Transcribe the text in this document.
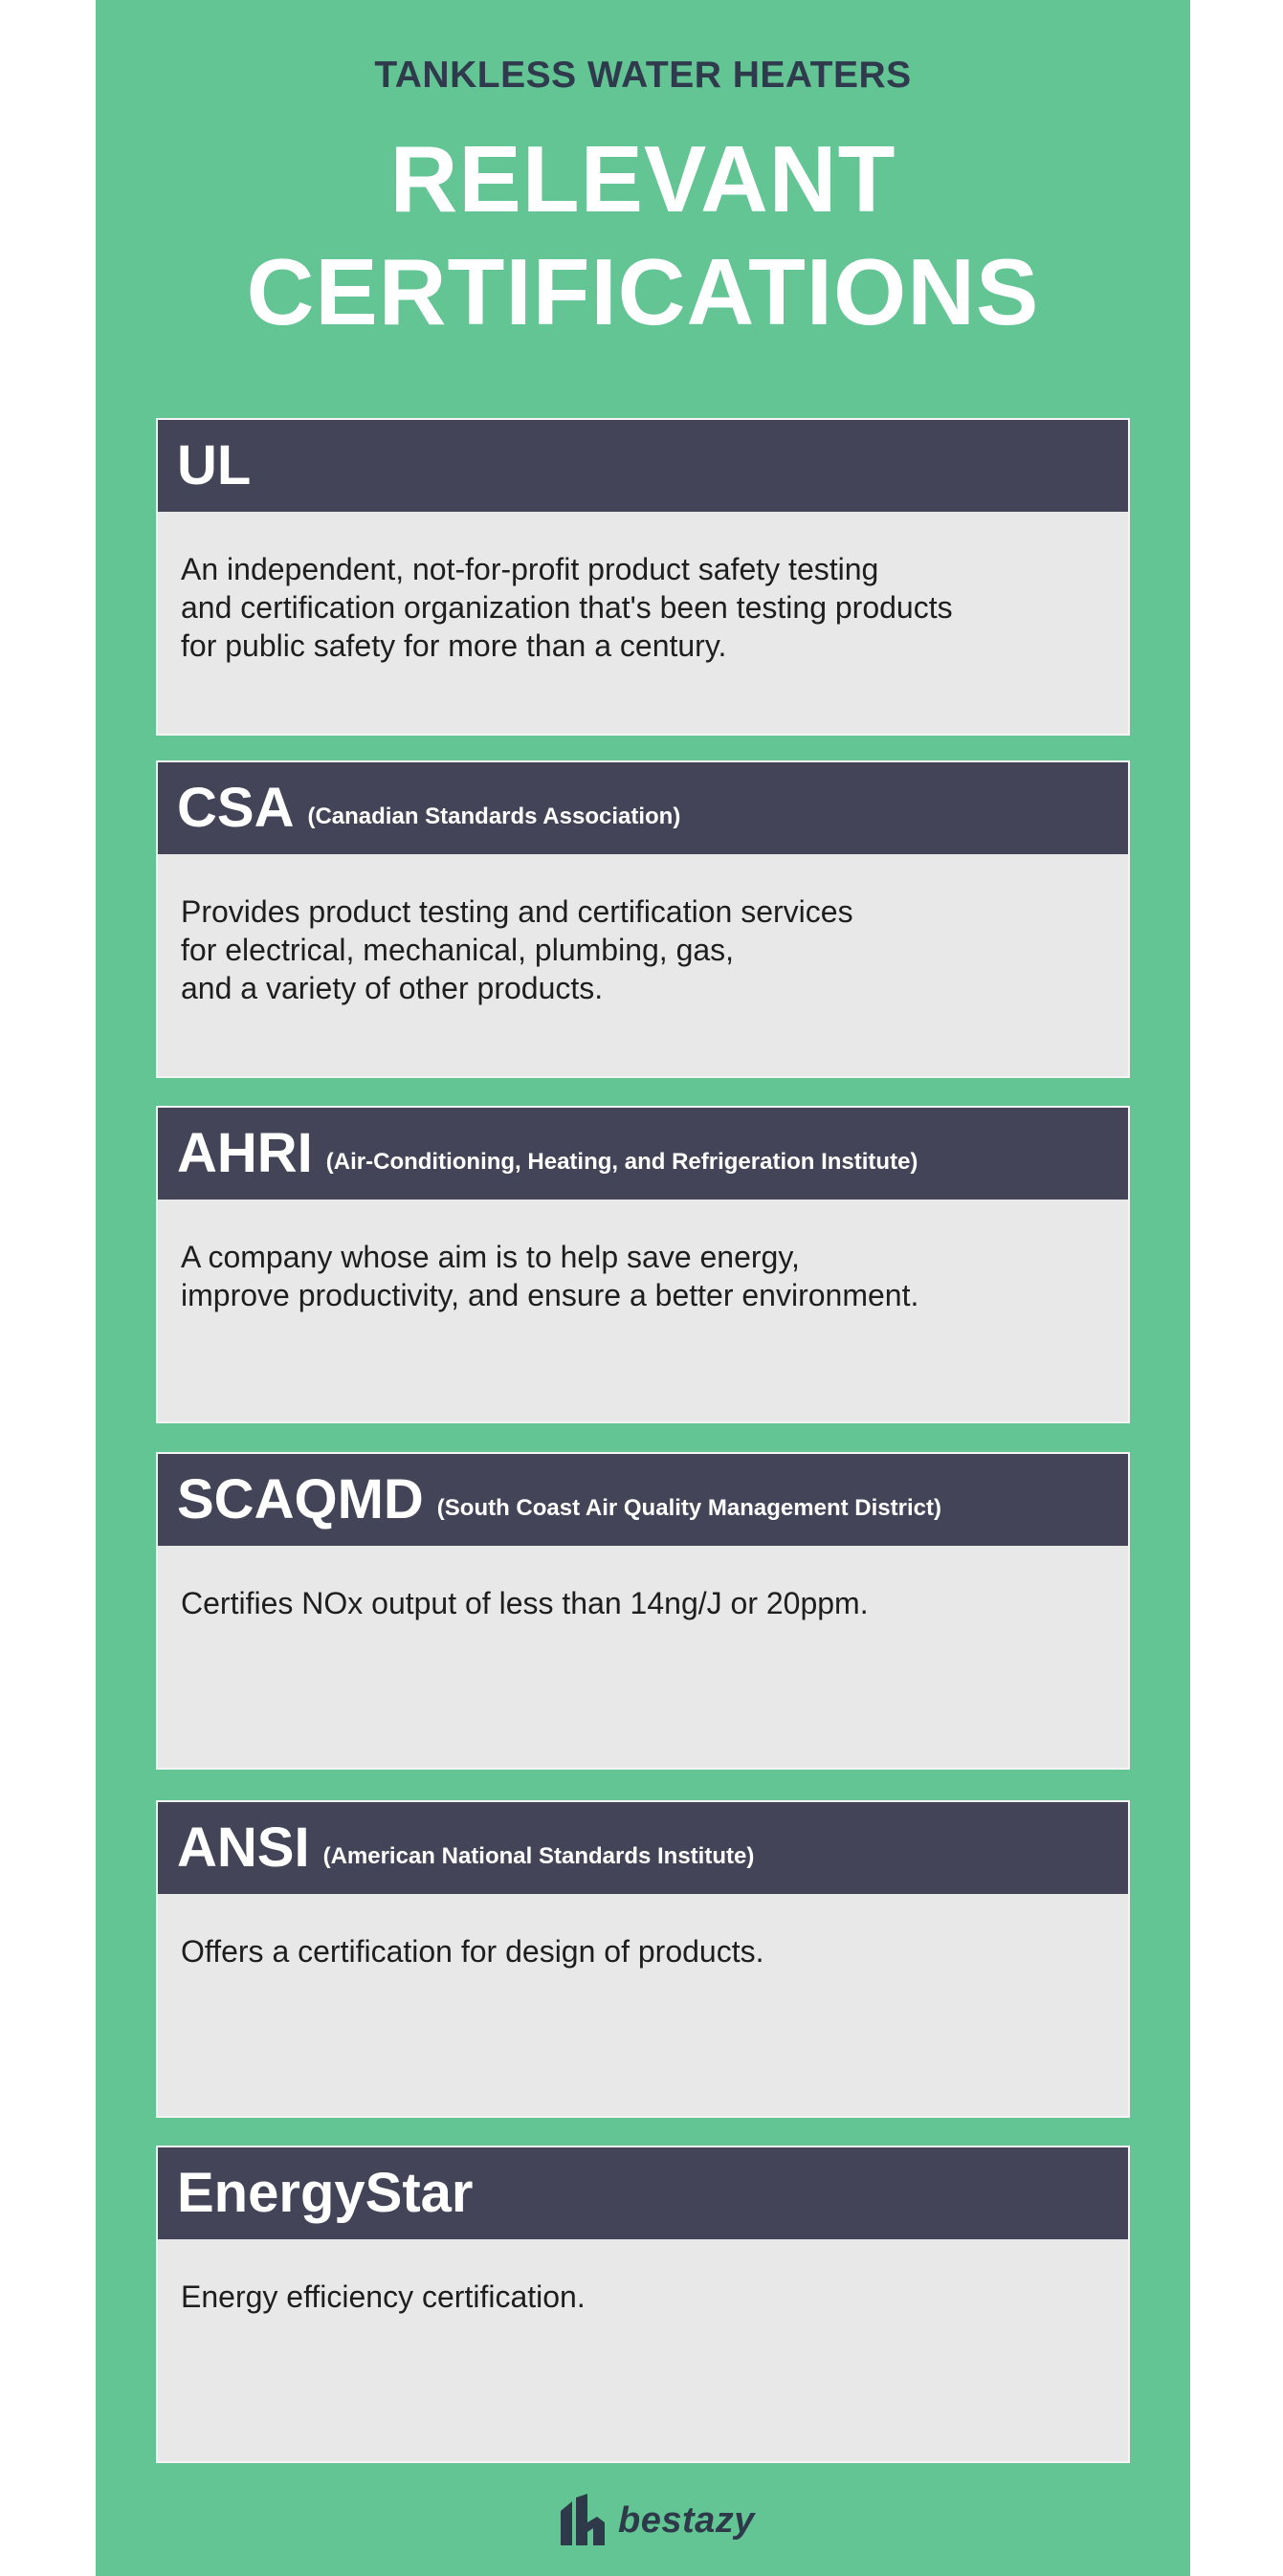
TANKLESS WATER HEATERS
RELEVANT
CERTIFICATIONS
UL
An independent, not-for-profit product safety testing
and certification organization that's been testing products
for public safety for more than a century.
CSA (Canadian Standards Association)
Provides product testing and certification services
for electrical, mechanical, plumbing, gas,
and a variety of other products.
AHRI (Air-Conditioning, Heating, and Refrigeration Institute)
A company whose aim is to help save energy,
improve productivity, and ensure a better environment.
SCAQMD (South Coast Air Quality Management District)
Certifies NOx output of less than 14ng/J or 20ppm.
ANSI (American National Standards Institute)
Offers a certification for design of products.
EnergyStar
Energy efficiency certification.
bestazy
